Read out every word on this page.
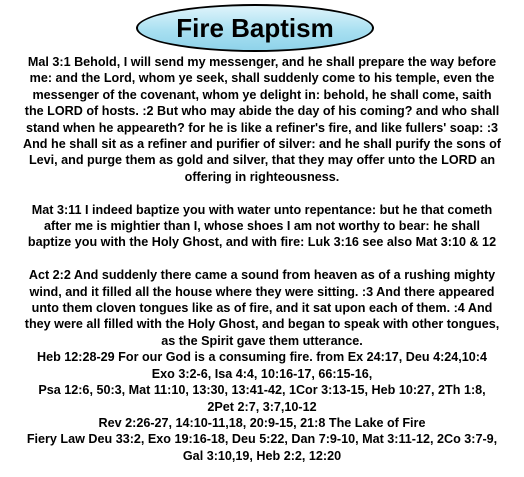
Fire Baptism
Mal 3:1 Behold, I will send my messenger, and he shall prepare the way before
me: and the Lord, whom ye seek, shall suddenly come to his temple, even the
messenger of the covenant, whom ye delight in: behold, he shall come, saith
the LORD of hosts. :2 But who may abide the day of his coming? and who shall
stand when he appeareth? for he is like a refiner's fire, and like fullers' soap: :3
And he shall sit as a refiner and purifier of silver: and he shall purify the sons of
Levi, and purge them as gold and silver, that they may offer unto the LORD an
offering in righteousness.
Mat 3:11 I indeed baptize you with water unto repentance: but he that cometh
after me is mightier than I, whose shoes I am not worthy to bear: he shall
baptize you with the Holy Ghost, and with fire: Luk 3:16 see also Mat 3:10 & 12
Act 2:2 And suddenly there came a sound from heaven as of a rushing mighty
wind, and it filled all the house where they were sitting. :3 And there appeared
unto them cloven tongues like as of fire, and it sat upon each of them. :4 And
they were all filled with the Holy Ghost, and began to speak with other tongues,
as the Spirit gave them utterance.
Heb 12:28-29 For our God is a consuming fire. from Ex 24:17, Deu 4:24,10:4
Exo 3:2-6, Isa 4:4, 10:16-17, 66:15-16,
Psa 12:6, 50:3, Mat 11:10, 13:30, 13:41-42, 1Cor 3:13-15, Heb 10:27, 2Th 1:8,
2Pet 2:7, 3:7,10-12
Rev 2:26-27, 14:10-11,18, 20:9-15, 21:8 The Lake of Fire
Fiery Law Deu 33:2, Exo 19:16-18, Deu 5:22, Dan 7:9-10, Mat 3:11-12, 2Co 3:7-9,
Gal 3:10,19, Heb 2:2, 12:20
